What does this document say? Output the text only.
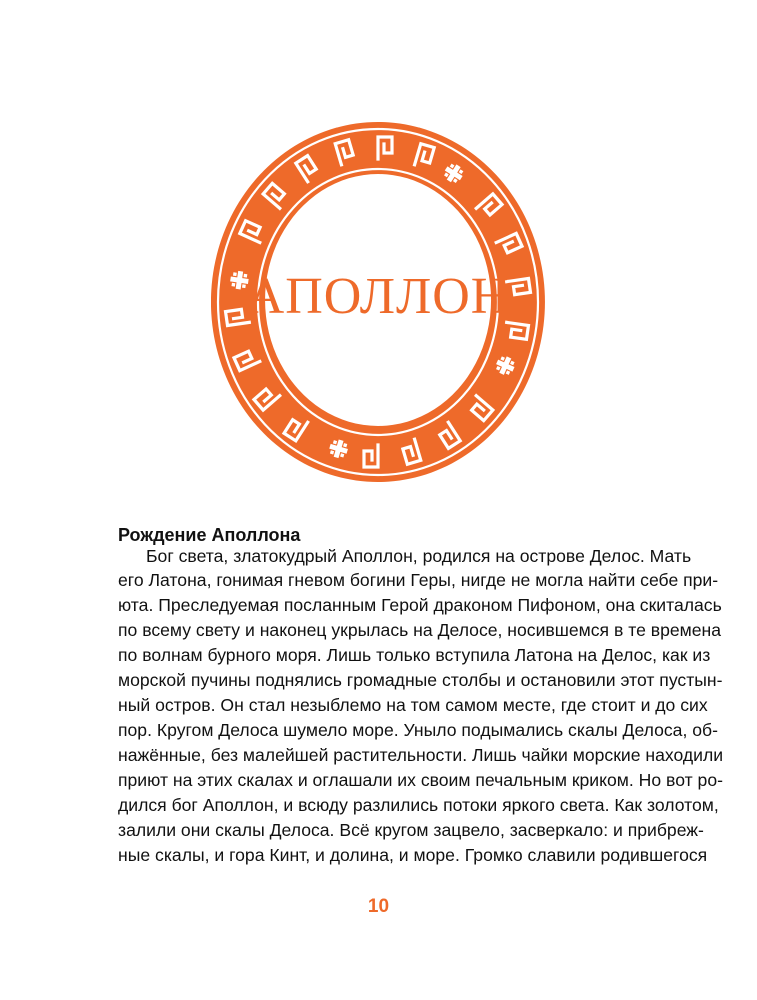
АПОЛЛОН
Рождение Аполлона
Бог света, златокудрый Аполлон, родился на острове Делос. Мать
его Латона, гонимая гневом богини Геры, нигде не могла найти себе при-
юта. Преследуемая посланным Герой драконом Пифоном, она скиталась
по всему свету и наконец укрылась на Делосе, носившемся в те времена
по волнам бурного моря. Лишь только вступила Латона на Делос, как из
морской пучины поднялись громадные столбы и остановили этот пустын-
ный остров. Он стал незыблемо на том самом месте, где стоит и до сих
пор. Кругом Делоса шумело море. Уныло подымались скалы Делоса, об-
нажённые, без малейшей растительности. Лишь чайки морские находили
приют на этих скалах и оглашали их своим печальным криком. Но вот ро-
дился бог Аполлон, и всюду разлились потоки яркого света. Как золотом,
залили они скалы Делоса. Всё кругом зацвело, засверкало: и прибреж-
ные скалы, и гора Кинт, и долина, и море. Громко славили родившегося
10
